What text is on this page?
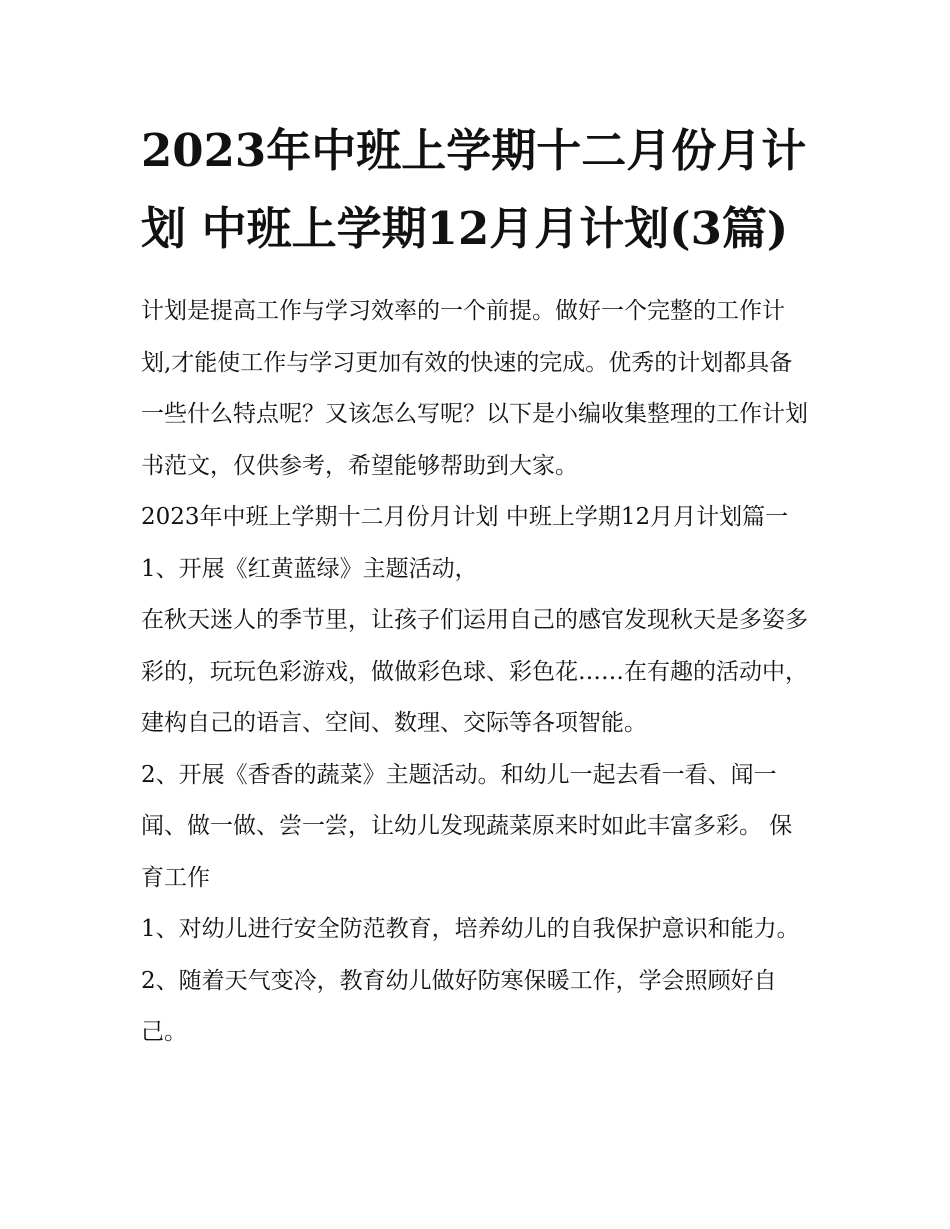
2023年中班上学期十二月份月计划 中班上学期12月月计划(3篇)

计划是提高工作与学习效率的一个前提。做好一个完整的工作计划,才能使工作与学习更加有效的快速的完成。优秀的计划都具备一些什么特点呢？又该怎么写呢？以下是小编收集整理的工作计划书范文，仅供参考，希望能够帮助到大家。

2023年中班上学期十二月份月计划 中班上学期12月月计划篇一 1、开展《红黄蓝绿》主题活动，

在秋天迷人的季节里，让孩子们运用自己的感官发现秋天是多姿多彩的，玩玩色彩游戏，做做彩色球、彩色花……在有趣的活动中，建构自己的语言、空间、数理、交际等各项智能。

2、开展《香香的蔬菜》主题活动。和幼儿一起去看一看、闻一闻、做一做、尝一尝，让幼儿发现蔬菜原来时如此丰富多彩。 保育工作

1、对幼儿进行安全防范教育，培养幼儿的自我保护意识和能力。 2、随着天气变冷，教育幼儿做好防寒保暖工作，学会照顾好自己。
